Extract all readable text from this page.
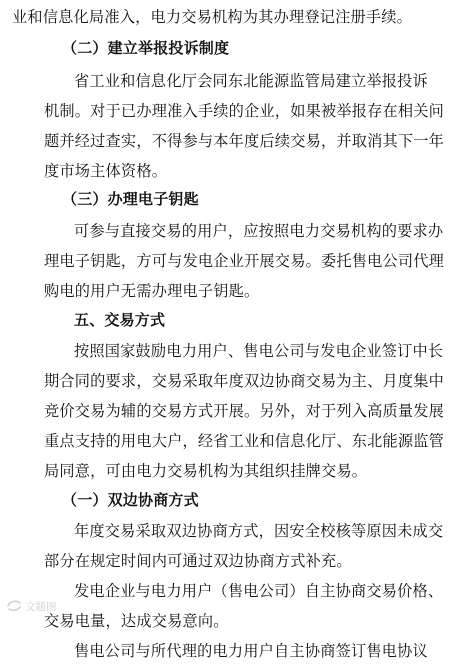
业和信息化局准入，电力交易机构为其办理登记注册手续。
（二）建立举报投诉制度
省工业和信息化厅会同东北能源监管局建立举报投诉
机制。对于已办理准入手续的企业，如果被举报存在相关问
题并经过查实，不得参与本年度后续交易，并取消其下一年
度市场主体资格。
（三）办理电子钥匙
可参与直接交易的用户，应按照电力交易机构的要求办
理电子钥匙，方可与发电企业开展交易。委托售电公司代理
购电的用户无需办理电子钥匙。
五、交易方式
按照国家鼓励电力用户、售电公司与发电企业签订中长
期合同的要求，交易采取年度双边协商交易为主、月度集中
竞价交易为辅的交易方式开展。另外，对于列入高质量发展
重点支持的用电大户，经省工业和信息化厅、东北能源监管
局同意，可由电力交易机构为其组织挂牌交易。
（一）双边协商方式
年度交易采取双边协商方式，因安全校核等原因未成交
部分在规定时间内可通过双边协商方式补充。
发电企业与电力用户（售电公司）自主协商交易价格、
交易电量，达成交易意向。
售电公司与所代理的电力用户自主协商签订售电协议
文题图
